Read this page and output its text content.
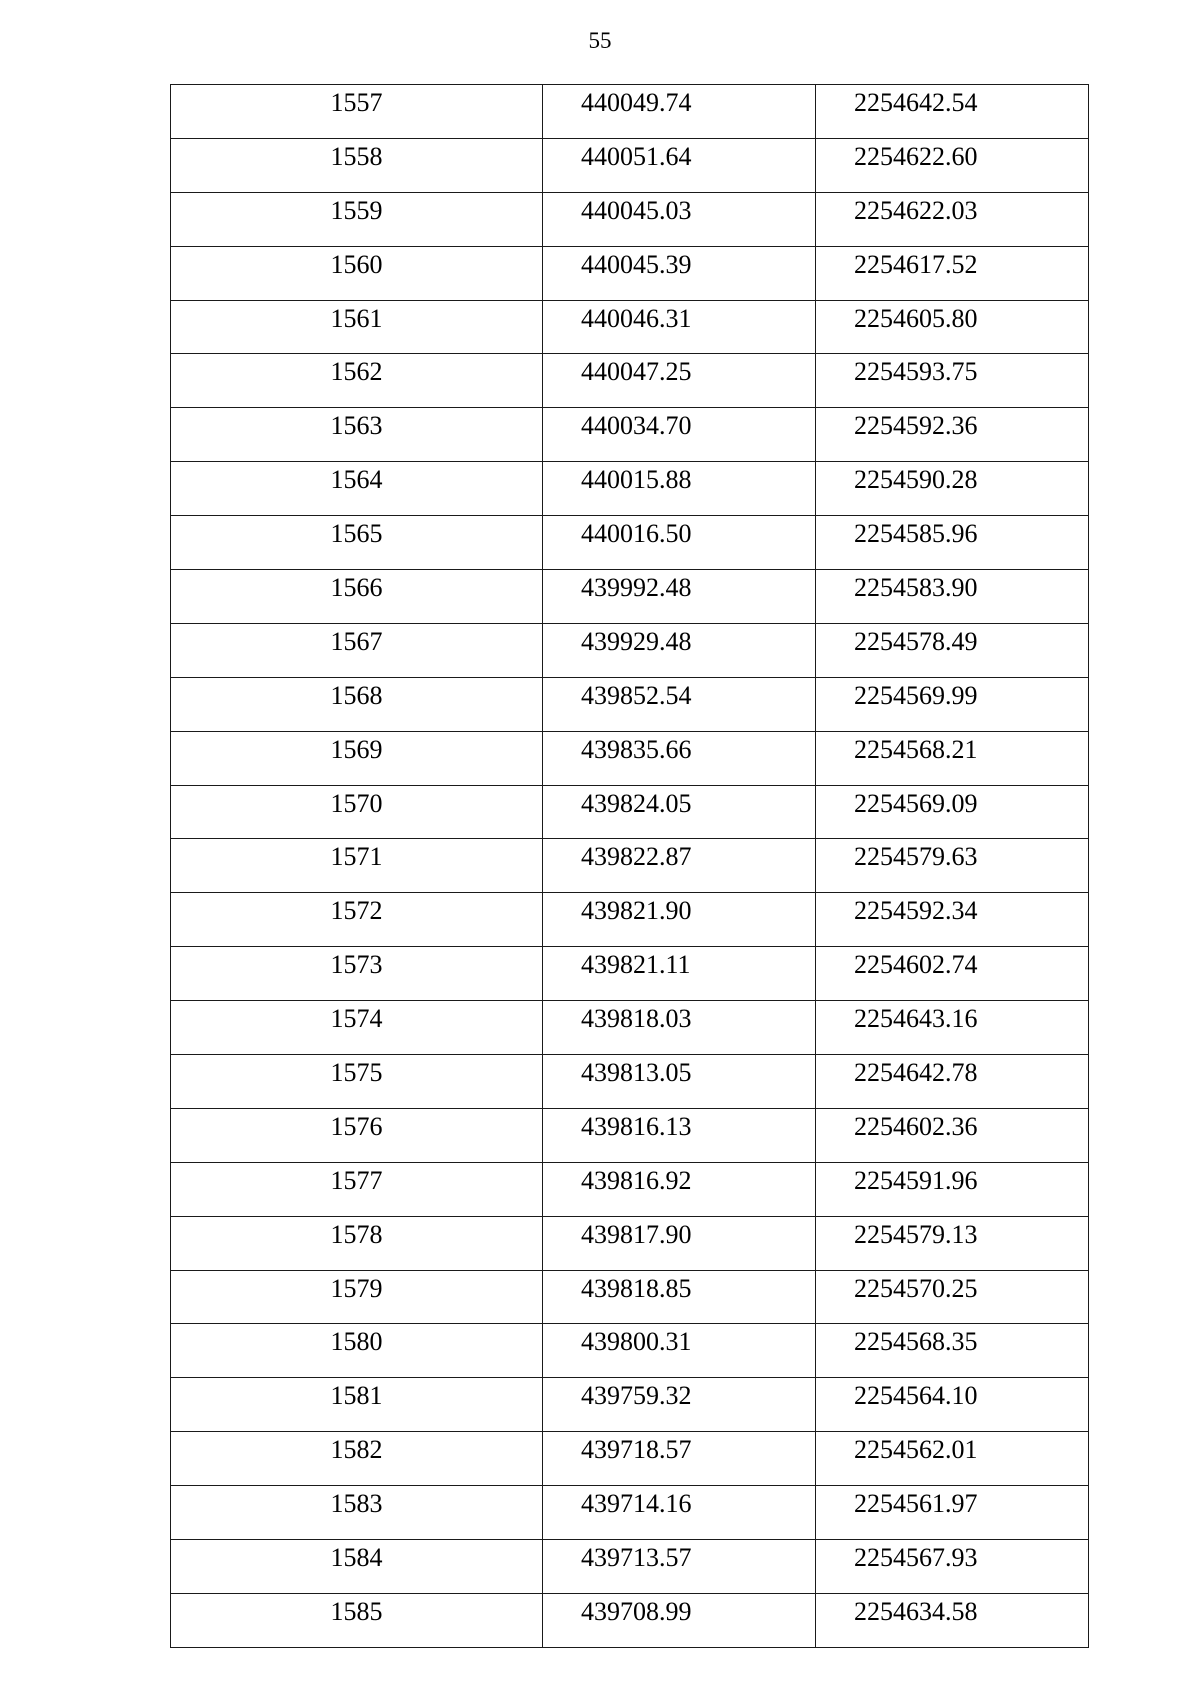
55
1557	440049.74	2254642.54
1558	440051.64	2254622.60
1559	440045.03	2254622.03
1560	440045.39	2254617.52
1561	440046.31	2254605.80
1562	440047.25	2254593.75
1563	440034.70	2254592.36
1564	440015.88	2254590.28
1565	440016.50	2254585.96
1566	439992.48	2254583.90
1567	439929.48	2254578.49
1568	439852.54	2254569.99
1569	439835.66	2254568.21
1570	439824.05	2254569.09
1571	439822.87	2254579.63
1572	439821.90	2254592.34
1573	439821.11	2254602.74
1574	439818.03	2254643.16
1575	439813.05	2254642.78
1576	439816.13	2254602.36
1577	439816.92	2254591.96
1578	439817.90	2254579.13
1579	439818.85	2254570.25
1580	439800.31	2254568.35
1581	439759.32	2254564.10
1582	439718.57	2254562.01
1583	439714.16	2254561.97
1584	439713.57	2254567.93
1585	439708.99	2254634.58
